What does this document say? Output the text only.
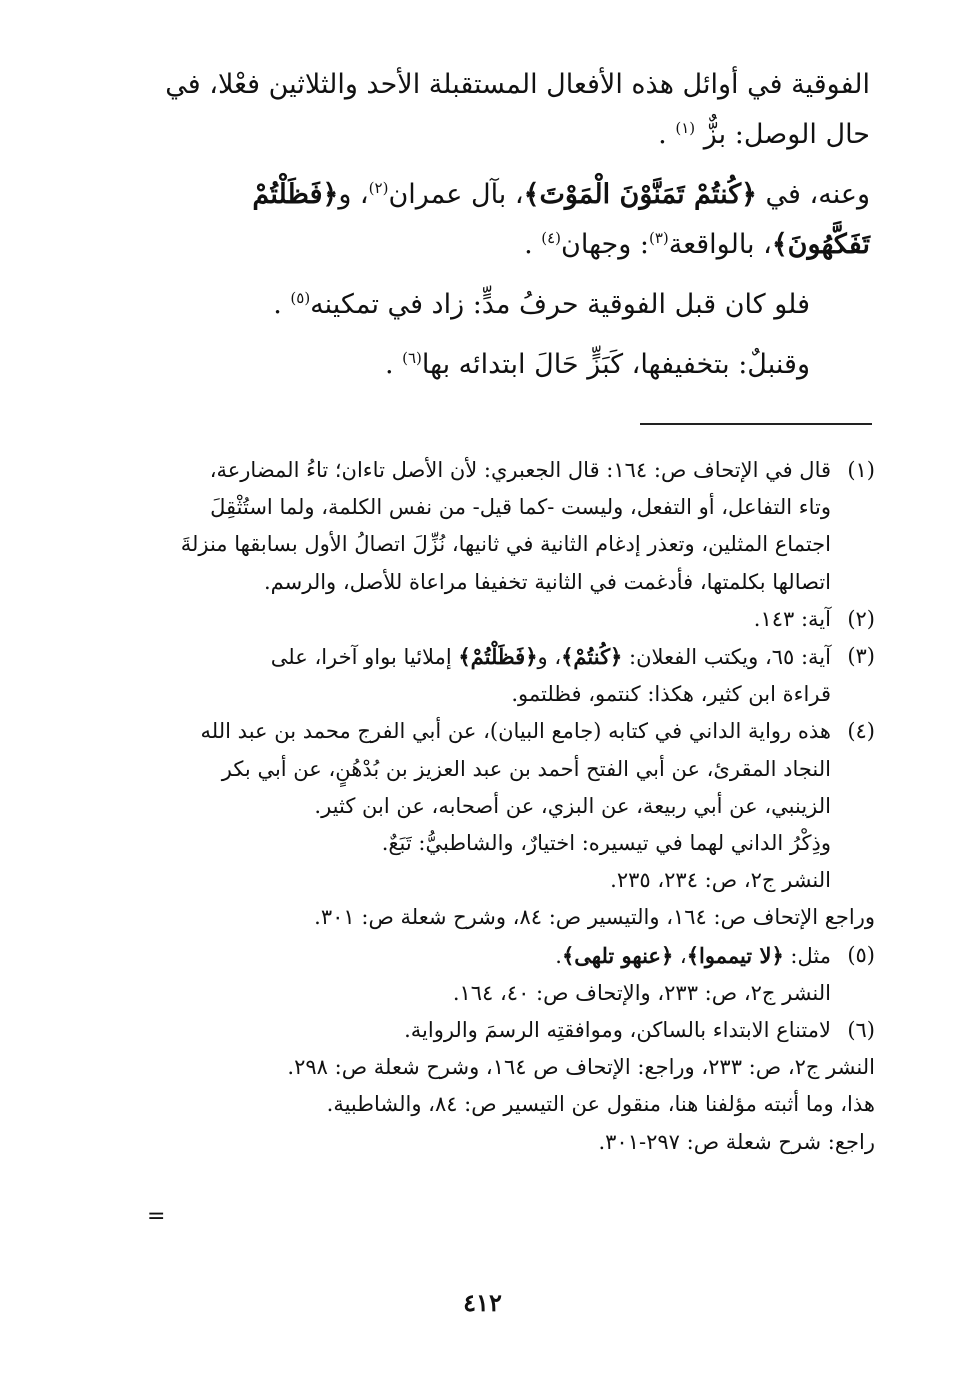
الفوقية في أوائل هذه الأفعال المستقبلة الأحد والثلاثين فعْلا، في حال الوصل: بزٌّ $^{(١)}$ .

وعنه، في ﴿كُنتُمْ تَمَنَّوْنَ الْمَوْتَ﴾، بآل عمران$^{(٢)}$، و﴿فَظَلْتُمْ تَفَكَّهُونَ﴾، بالواقعة$^{(٣)}$: وجهان$^{(٤)}$ .

فلو كان قبل الفوقية حرفُ مدٍّ: زاد في تمكينه$^{(٥)}$ .

وقنبلٌ: بتخفيفها، كَبَزٍّ حَالَ ابتدائه بها$^{(٦)}$ .

(١)
قال في الإتحاف ص: ١٦٤: قال الجعبري: لأن الأصل تاءان؛ تاءُ المضارعة،
وتاء التفاعل، أو التفعل، وليست -كما قيل- من نفس الكلمة، ولما استُثْقِلَ
اجتماع المثلين، وتعذر إدغام الثانية في ثانيها، نُزِّلَ اتصالُ الأول بسابقها منزلةَ
اتصالها بكلمتها، فأدغمت في الثانية تخفيفا مراعاة للأصل، والرسم.
(٢)
آية: ١٤٣.
(٣)
آية: ٦٥، ويكتب الفعلان: ﴿كُنتُمْ﴾، و﴿فَظَلْتُمْ﴾ إملائيا بواو آخرا، على
قراءة ابن كثير، هكذا: كنتمو، فظلتمو.
(٤)
هذه رواية الداني في كتابه (جامع البيان)، عن أبي الفرج محمد بن عبد الله
النجاد المقرئ، عن أبي الفتح أحمد بن عبد العزيز بن بُدْهُنٍ، عن أبي بكر
الزينبي، عن أبي ربيعة، عن البزي، عن أصحابه، عن ابن كثير.
وذِكْرُ الداني لهما في تيسيره: اختيارٌ، والشاطبيُّ: تَبَعٌ.
النشر ج٢، ص: ٢٣٤، ٢٣٥.
وراجع الإتحاف ص: ١٦٤، والتيسير ص: ٨٤، وشرح شعلة ص: ٣٠١.
(٥)
مثل: ﴿لا تيمموا﴾، ﴿عنهو تلهى﴾.
النشر ج٢، ص: ٢٣٣، والإتحاف ص: ٤٠، ١٦٤.
(٦)
لامتناع الابتداء بالساكن، وموافقتِه الرسمَ والرواية.
النشر ج٢، ص: ٢٣٣، وراجع: الإتحاف ص ١٦٤، وشرح شعلة ص: ٢٩٨.
هذا، وما أثبته مؤلفنا هنا، منقول عن التيسير ص: ٨٤، والشاطبية.
راجع: شرح شعلة ص: ٢٩٧-٣٠١.
=
٤١٢
